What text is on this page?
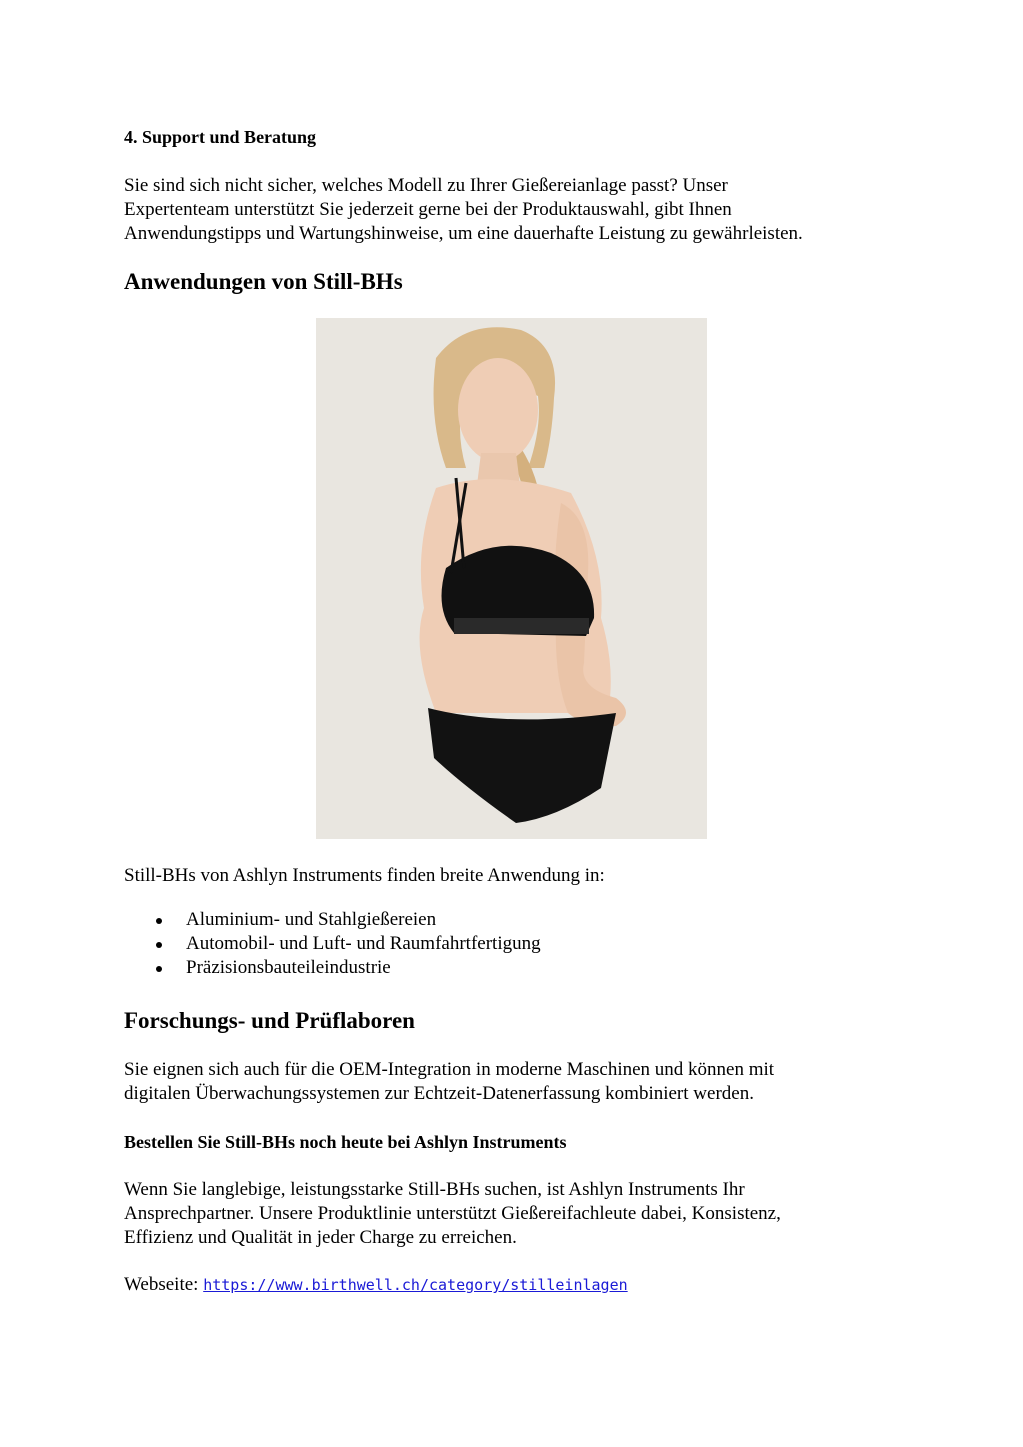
4. Support und Beratung

Sie sind sich nicht sicher, welches Modell zu Ihrer Gießereianlage passt? Unser

Expertenteam unterstützt Sie jederzeit gerne bei der Produktauswahl, gibt Ihnen

Anwendungstipps und Wartungshinweise, um eine dauerhafte Leistung zu gewährleisten.

Anwendungen von Still-BHs

Still-BHs von Ashlyn Instruments finden breite Anwendung in:

Aluminium- und Stahlgießereien
Automobil- und Luft- und Raumfahrtfertigung
Präzisionsbauteileindustrie

Forschungs- und Prüflaboren

Sie eignen sich auch für die OEM-Integration in moderne Maschinen und können mit

digitalen Überwachungssystemen zur Echtzeit-Datenerfassung kombiniert werden.

Bestellen Sie Still-BHs noch heute bei Ashlyn Instruments

Wenn Sie langlebige, leistungsstarke Still-BHs suchen, ist Ashlyn Instruments Ihr

Ansprechpartner. Unsere Produktlinie unterstützt Gießereifachleute dabei, Konsistenz,

Effizienz und Qualität in jeder Charge zu erreichen.

Webseite: https://www.birthwell.ch/category/stilleinlagen
